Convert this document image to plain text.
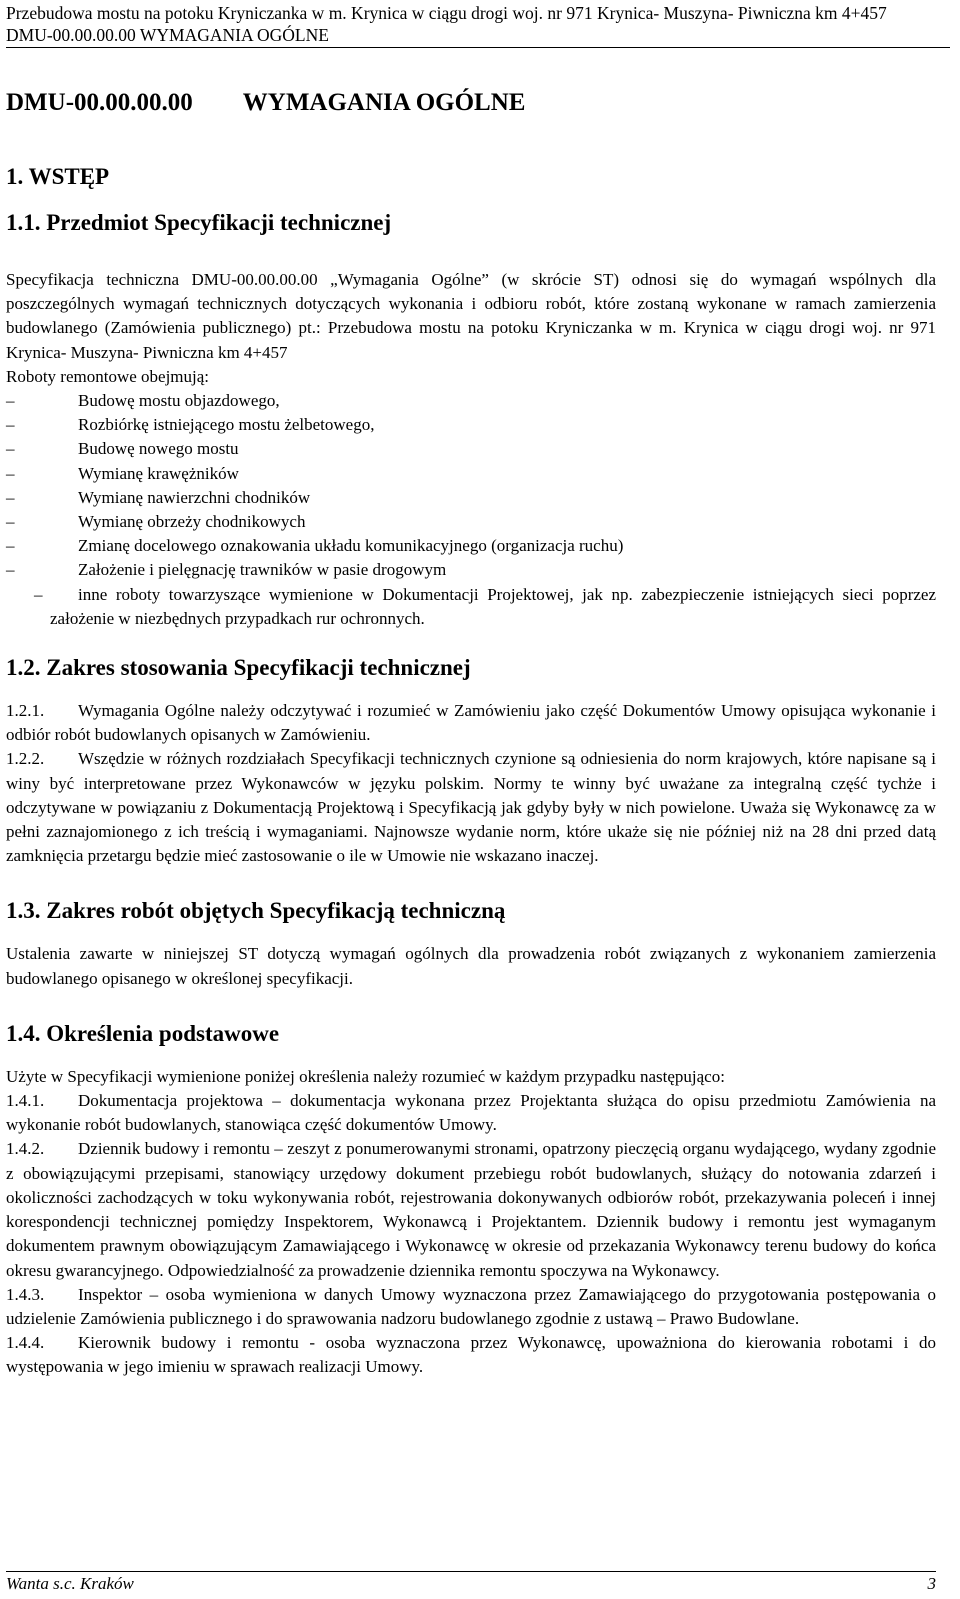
Przebudowa mostu na potoku Kryniczanka w m. Krynica w ciągu drogi woj. nr 971 Krynica- Muszyna- Piwniczna km 4+457
DMU-00.00.00.00 WYMAGANIA OGÓLNE
DMU-00.00.00.00 WYMAGANIA OGÓLNE
1. WSTĘP
1.1. Przedmiot Specyfikacji technicznej

Specyfikacja techniczna DMU-00.00.00.00 „Wymagania Ogólne” (w skrócie ST) odnosi się do wymagań wspólnych dla poszczególnych wymagań technicznych dotyczących wykonania i odbioru robót, które zostaną wykonane w ramach zamierzenia budowlanego (Zamówienia publicznego) pt.: Przebudowa mostu na potoku Kryniczanka w m. Krynica w ciągu drogi woj. nr 971 Krynica- Muszyna- Piwniczna km 4+457

Roboty remontowe obejmują:

–	Budowę mostu objazdowego,
–	Rozbiórkę istniejącego mostu żelbetowego,
–	Budowę nowego mostu
–	Wymianę krawężników
–	Wymianę nawierzchni chodników
–	Wymianę obrzeży chodnikowych
–	Zmianę docelowego oznakowania układu komunikacyjnego (organizacja ruchu)
–	Założenie i pielęgnację trawników w pasie drogowym
– inne roboty towarzyszące wymienione w Dokumentacji Projektowej, jak np. zabezpieczenie istniejących sieci poprzez założenie w niezbędnych przypadkach rur ochronnych.
1.2. Zakres stosowania Specyfikacji technicznej

1.2.1. Wymagania Ogólne należy odczytywać i rozumieć w Zamówieniu jako część Dokumentów Umowy opisująca wykonanie i odbiór robót budowlanych opisanych w Zamówieniu.

1.2.2. Wszędzie w różnych rozdziałach Specyfikacji technicznych czynione są odniesienia do norm krajowych, które napisane są i winy być interpretowane przez Wykonawców w języku polskim. Normy te winny być uważane za integralną część tychże i odczytywane w powiązaniu z Dokumentacją Projektową i Specyfikacją jak gdyby były w nich powielone. Uważa się Wykonawcę za w pełni zaznajomionego z ich treścią i wymaganiami. Najnowsze wydanie norm, które ukaże się nie później niż na 28 dni przed datą zamknięcia przetargu będzie mieć zastosowanie o ile w Umowie nie wskazano inaczej.

1.3. Zakres robót objętych Specyfikacją techniczną

Ustalenia zawarte w niniejszej ST dotyczą wymagań ogólnych dla prowadzenia robót związanych z wykonaniem zamierzenia budowlanego opisanego w określonej specyfikacji.

1.4. Określenia podstawowe

Użyte w Specyfikacji wymienione poniżej określenia należy rozumieć w każdym przypadku następująco:

1.4.1. Dokumentacja projektowa – dokumentacja wykonana przez Projektanta służąca do opisu przedmiotu Zamówienia na wykonanie robót budowlanych, stanowiąca część dokumentów Umowy.

1.4.2. Dziennik budowy i remontu – zeszyt z ponumerowanymi stronami, opatrzony pieczęcią organu wydającego, wydany zgodnie z obowiązującymi przepisami, stanowiący urzędowy dokument przebiegu robót budowlanych, służący do notowania zdarzeń i okoliczności zachodzących w toku wykonywania robót, rejestrowania dokonywanych odbiorów robót, przekazywania poleceń i innej korespondencji technicznej pomiędzy Inspektorem, Wykonawcą i Projektantem. Dziennik budowy i remontu jest wymaganym dokumentem prawnym obowiązującym Zamawiającego i Wykonawcę w okresie od przekazania Wykonawcy terenu budowy do końca okresu gwarancyjnego. Odpowiedzialność za prowadzenie dziennika remontu spoczywa na Wykonawcy.

1.4.3. Inspektor – osoba wymieniona w danych Umowy wyznaczona przez Zamawiającego do przygotowania postępowania o udzielenie Zamówienia publicznego i do sprawowania nadzoru budowlanego zgodnie z ustawą – Prawo Budowlane.

1.4.4. Kierownik budowy i remontu - osoba wyznaczona przez Wykonawcę, upoważniona do kierowania robotami i do występowania w jego imieniu w sprawach realizacji Umowy.

Wanta s.c. Kraków	3
